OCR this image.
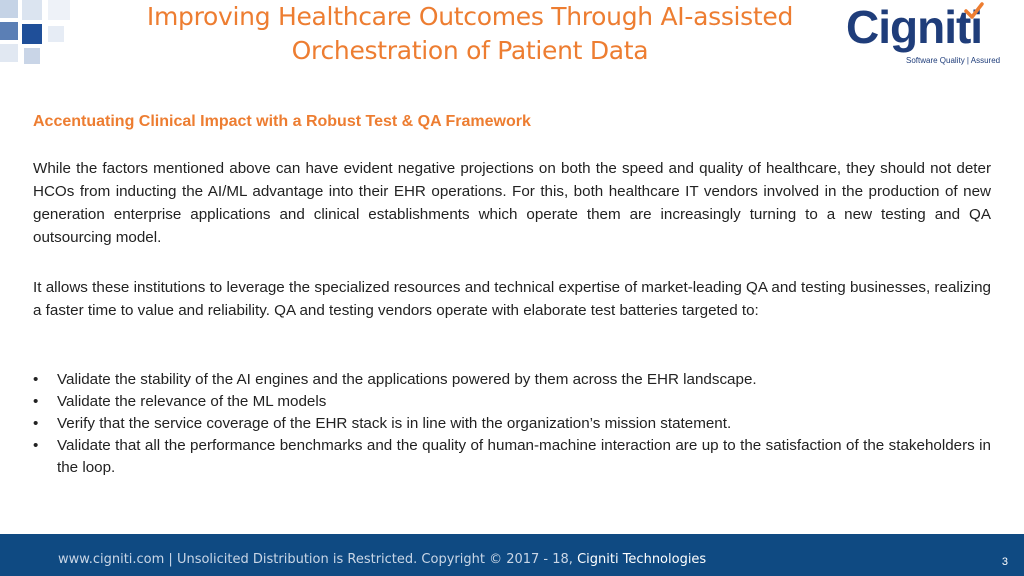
Improving Healthcare Outcomes Through AI-assisted
Orchestration of Patient Data	Cigniti
Software Quality | Assured
Accentuating Clinical Impact with a Robust Test & QA Framework

While the factors mentioned above can have evident negative projections on both the speed and quality of healthcare, they should not deter HCOs from inducting the AI/ML advantage into their EHR operations. For this, both healthcare IT vendors involved in the production of new generation enterprise applications and clinical establishments which operate them are increasingly turning to a new testing and QA outsourcing model.

It allows these institutions to leverage the specialized resources and technical expertise of market-leading QA and testing businesses, realizing a faster time to value and reliability. QA and testing vendors operate with elaborate test batteries targeted to:

• Validate the stability of the AI engines and the applications powered by them across the EHR landscape.
• Validate the relevance of the ML models
• Verify that the service coverage of the EHR stack is in line with the organization’s mission statement.
• Validate that all the performance benchmarks and the quality of human-machine interaction are up to the satisfaction of the stakeholders in the loop.
www.cigniti.com | Unsolicited Distribution is Restricted. Copyright © 2017 - 18, Cigniti Technologies	3
